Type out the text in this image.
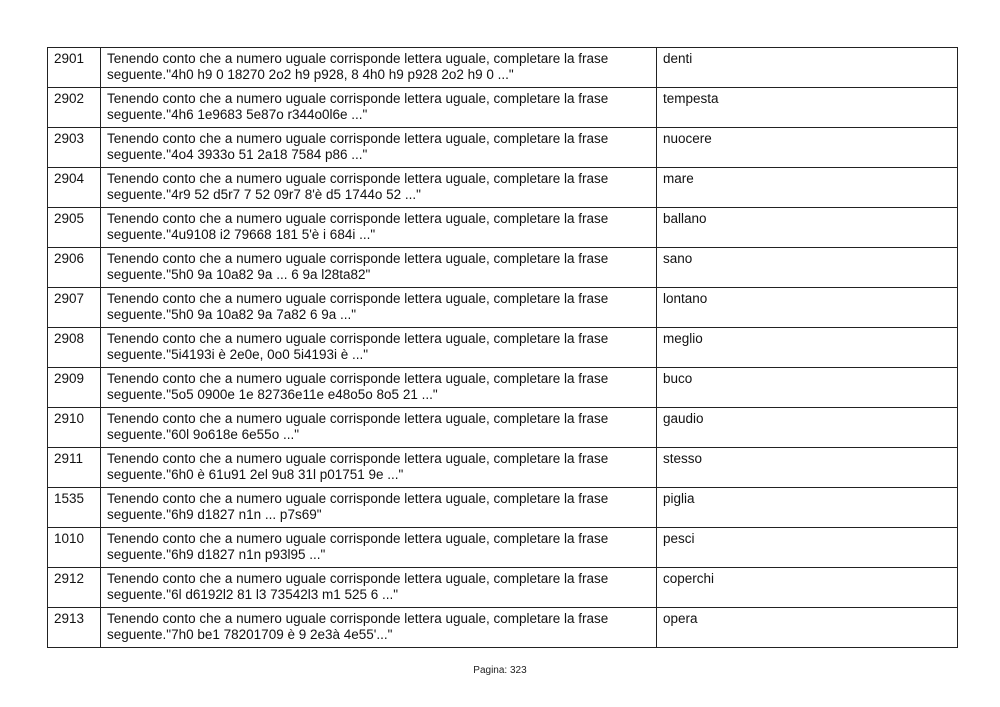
2901	Tenendo conto che a numero uguale corrisponde lettera uguale, completare la frase
seguente."4h0 h9 0 18270 2o2 h9 p928, 8 4h0 h9 p928 2o2 h9 0 ..."	denti
2902	Tenendo conto che a numero uguale corrisponde lettera uguale, completare la frase
seguente."4h6 1e9683 5e87o r344o0l6e ..."	tempesta
2903	Tenendo conto che a numero uguale corrisponde lettera uguale, completare la frase
seguente."4o4 3933o 51 2a18 7584 p86 ..."	nuocere
2904	Tenendo conto che a numero uguale corrisponde lettera uguale, completare la frase
seguente."4r9 52 d5r7 7 52 09r7 8'è d5 1744o 52 ..."	mare
2905	Tenendo conto che a numero uguale corrisponde lettera uguale, completare la frase
seguente."4u9108 i2 79668 181 5'è i 684i ..."	ballano
2906	Tenendo conto che a numero uguale corrisponde lettera uguale, completare la frase
seguente."5h0 9a 10a82 9a ... 6 9a l28ta82"	sano
2907	Tenendo conto che a numero uguale corrisponde lettera uguale, completare la frase
seguente."5h0 9a 10a82 9a 7a82 6 9a ..."	lontano
2908	Tenendo conto che a numero uguale corrisponde lettera uguale, completare la frase
seguente."5i4193i è 2e0e, 0o0 5i4193i è ..."	meglio
2909	Tenendo conto che a numero uguale corrisponde lettera uguale, completare la frase
seguente."5o5 0900e 1e 82736e11e e48o5o 8o5 21 ..."	buco
2910	Tenendo conto che a numero uguale corrisponde lettera uguale, completare la frase
seguente."60l 9o618e 6e55o ..."	gaudio
2911	Tenendo conto che a numero uguale corrisponde lettera uguale, completare la frase
seguente."6h0 è 61u91 2el 9u8 31l p01751 9e ..."	stesso
1535	Tenendo conto che a numero uguale corrisponde lettera uguale, completare la frase
seguente."6h9 d1827 n1n ... p7s69"	piglia
1010	Tenendo conto che a numero uguale corrisponde lettera uguale, completare la frase
seguente."6h9 d1827 n1n p93l95 ..."	pesci
2912	Tenendo conto che a numero uguale corrisponde lettera uguale, completare la frase
seguente."6l d6192l2 81 l3 73542l3 m1 525 6 ..."	coperchi
2913	Tenendo conto che a numero uguale corrisponde lettera uguale, completare la frase
seguente."7h0 be1 78201709 è 9 2e3à 4e55'..."	opera
Pagina: 323
